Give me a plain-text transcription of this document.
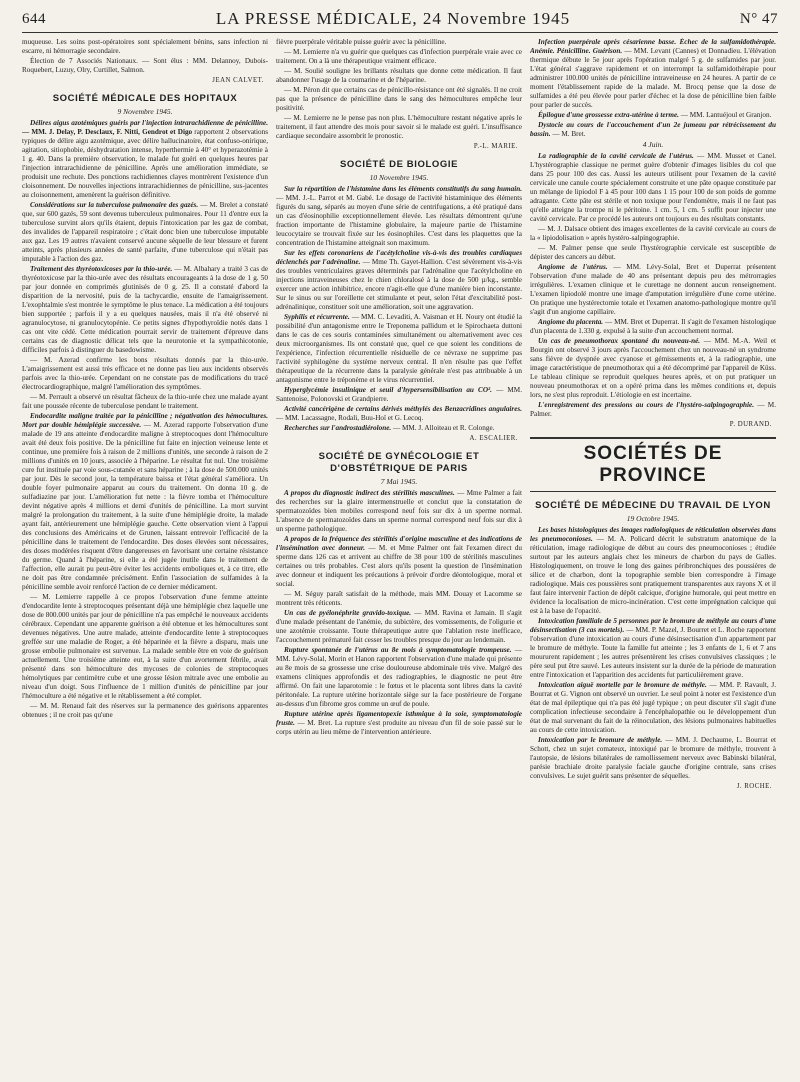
644	LA PRESSE MÉDICALE, 24 Novembre 1945	N° 47

muqueuse. Les soins post-opératoires sont spécialement bénins, sans infection ni escarre, ni hémorragie secondaire.

Élection de 7 Associés Nationaux. — Sont élus : MM. Delannoy, Dubois-Roquebert, Luzuy, Olry, Curtillet, Salmon.

JEAN CALVET.
SOCIÉTÉ MÉDICALE DES HOPITAUX
9 Novembre 1945.

Délires aigus azotémiques guéris par l'injection intrarachidienne de pénicilline. — MM. J. Delay, P. Desclaux, F. Nitti, Gendrot et Digo rapportent 2 observations typiques de délire aigu azotémique, avec délire hallucinatoire, état confuso-onirique, agitation, sitiophobie, déshydratation intense, hyperthermie à 40° et hyperazotémie à 1 g. 40. Dans la première observation, le malade fut guéri en quelques heures par l'injection intrarachidienne de pénicilline. Après une amélioration immédiate, se produisit une rechute. Des ponctions rachidiennes clayes montrèrent l'existence d'un cloisonnement. De nouvelles injections intrarachidiennes de pénicilline, sus-jacentes au cloisonnement, amenèrent la guérison définitive.

Considérations sur la tuberculose pulmonaire des gazés. — M. Brelet a constaté que, sur 600 gazés, 59 sont devenus tuberculeux pulmonaires. Pour 11 d'entre eux la tuberculose survint alors qu'ils étaient, depuis l'intoxication par les gaz de combat, des invalides de l'appareil respiratoire ; c'était donc bien une tuberculose imputable aux gaz. Les 19 autres n'avaient conservé aucune séquelle de leur blessure et furent atteints, après plusieurs années de santé parfaite, d'une tuberculose qui n'était pas imputable à l'action des gaz.

Traitement des thyréotoxicoses par la thio-urée. — M. Albahary a traité 3 cas de thyréotoxicose par la thio-urée avec des résultats encourageants à la dose de 1 g. 50 par jour donnée en comprimés glutinisés de 0 g. 25. Il a constaté d'abord la disparition de la nervosité, puis de la tachycardie, ensuite de l'amaigrissement. L'exophtalmie s'est montrée le symptôme le plus tenace. La médication a été toujours bien supportée ; parfois il y a eu quelques nausées, mais il n'a été observé ni agranulocytose, ni granulocytopénie. Ce petits signes d'hypothyroïdie notés dans 1 cas ont vite cédé. Cette médication pourrait servir de traitement d'épreuve dans certains cas de diagnostic délicat tels que la neurotonie et la sympathicotonie, difficiles parfois à distinguer du basedowisme.

— M. Azerad confirme les bons résultats donnés par la thio-urée. L'amaigrissement est aussi très efficace et ne donne pas lieu aux incidents observés parfois avec la thio-urée. Cependant on ne constate pas de modifications du tracé électrocardiographique, malgré l'amélioration des symptômes.

— M. Perrault a observé un résultat fâcheux de la thio-urée chez une malade ayant fait une poussée récente de tuberculose pendant le traitement.

Endocardite maligne traitée par la pénicilline ; négativation des hémocultures. Mort par double hémiplégie successive. — M. Azerad rapporte l'observation d'une malade de 19 ans atteinte d'endocardite maligne à streptocoques dont l'hémoculture avait été deux fois positive. De la pénicilline fut faite en injection veineuse lente et continue, une première fois à raison de 2 millions d'unités, une seconde à raison de 2 millions d'unités en 10 jours, associée à l'héparine. Le résultat fut nul. Une troisième cure fut instituée par voie sous-cutanée et sans héparine ; à la dose de 500.000 unités par jour. Dès le second jour, la température baissa et l'état général s'améliora. Un double foyer pulmonaire apparut au cours du traitement. On donna 10 g. de sulfadiazine par jour. L'amélioration fut nette : la fièvre tomba et l'hémoculture devint négative après 4 millions et demi d'unités de pénicilline. La mort survint malgré la prolongation du traitement, à la suite d'une hémiplégie droite, la malade ayant fait, antérieurement une hémiplégie gauche. Cette observation vient à l'appui des conclusions des Américains et de Grunen, laissant entrevoir l'efficacité de la pénicilline dans le traitement de l'endocardite. Des doses élevées sont nécessaires, des doses modérées risquent d'être dangereuses en favorisant une certaine résistance du germe. Quand à l'héparine, si elle a été jugée inutile dans le traitement de l'affection, elle aurait pu peut-être éviter les accidents emboliques et, à ce titre, elle ne doit pas être condamnée précisément. Enfin l'association de sulfamides à la pénicilline semble avoir renforcé l'action de ce dernier médicament.

— M. Lemierre rappelle à ce propos l'observation d'une femme atteinte d'endocardite lente à streptocoques présentant déjà une hémiplégie chez laquelle une dose de 800.000 unités par jour de pénicilline n'a pas empêché le nouveaux accidents cérébraux. Cependant une apparente guérison a été obtenue et les hémocultures sont devenues négatives. Une autre malade, atteinte d'endocardite lente à streptocoques greffée sur une maladie de Roger, a été héparinée et la fièvre a disparu, mais une grosse embolie pulmonaire est survenue. La malade semble être en voie de guérison actuellement. Une troisième atteinte eut, à la suite d'un avortement fébrile, avait présenté dans son hémoculture des mycoses de colonies de streptocoques hémolytiques par centimètre cube et une grosse lésion mitrale avec une embolie au niveau d'un doigt. Sous l'influence de 1 million d'unités de pénicilline par jour l'hémoculture a été négative et le rétablissement a été complet.

— M. M. Renaud fait des réserves sur la permanence des guérisons apparentes obtenues ; il ne croit pas qu'une

fièvre puerpérale véritable puisse guérir avec la pénicilline.

— M. Lemierre n'a vu guérir que quelques cas d'infection puerpérale vraie avec ce traitement. On a là une thérapeutique vraiment efficace.

— M. Soulié souligne les brillants résultats que donne cette médication. Il faut abandonner l'usage de la coumarine et de l'héparine.

— M. Péron dit que certains cas de pénicillo-résistance ont été signalés. Il ne croit pas que la présence de pénicilline dans le sang des hémocultures empêche leur positivité.

— M. Lemierre ne le pense pas non plus. L'hémoculture restant négative après le traitement, il faut attendre des mois pour savoir si le malade est guéri. L'insuffisance cardiaque secondaire assombrit le pronostic.

P.-L. MARIE.
SOCIÉTÉ DE BIOLOGIE
10 Novembre 1945.

Sur la répartition de l'histamine dans les éléments constitutifs du sang humain. — MM. J.-L. Parrot et M. Gabé. Le dosage de l'activité histaminique des éléments figurés du sang, séparés au moyen d'une série de centrifugations, a été pratiqué dans un cas d'éosinophilie exceptionnellement élevée. Les résultats démontrent qu'une fraction importante de l'histamine globulaire, la majeure partie de l'histamine leucocytaire se trouvait fixée sur les éosinophiles. C'est dans les plaquettes que la concentration de l'histamine atteignait son maximum.

Sur les effets coronariens de l'acétylcholine vis-à-vis des troubles cardiaques déclenchés par l'adrénaline. — Mme Th. Gayet-Hallion. C'est sévèrement vis-à-vis des troubles ventriculaires graves déterminés par l'adrénaline que l'acétylcholine en injections intraveineuses chez le chien chloralosé à la dose de 500 µ/kg., semble exercer une action inhibitrice, encore n'agit-elle que d'une manière bien inconstante. Sur le sinus ou sur l'oreillette cet stimulante et peut, selon l'état d'excitabilité post-adrénalinique, constituer soit une amélioration, soit une aggravation.

Syphilis et récurrente. — MM. C. Levaditi, A. Vaisman et H. Noury ont étudié la possibilité d'un antagonisme entre le Treponema pallidum et le Spirochaeta duttoni dans le cas de ces souris contaminées simultanément ou alternativement avec ces deux microorganismes. Ils ont constaté que, quel ce que soient les conditions de l'expérience, l'infection récurrentielle résiduelle de ce névraxe ne supprime pas l'activité syphilogène du système nerveux central. Il n'en résulte pas que l'effet thérapeutique de la récurrente dans la paralysie générale n'est pas attribuable à un antagonisme entre le tréponème et le virus récurrentiel.

Hyperglycémie insulinique et seuil d'hypersensibilisation au CO². — MM. Santenoise, Polonovski et Grandpierre.

Activité cancérigène de certains dérivés méthylés des Benzacridines angulaires. — MM. Lacassagne, Rodali, Buu-Hoï et G. Lecoq.

Recherches sur l'androstadiérolone. — MM. J. Alloiteau et R. Colonge.

A. ESCALIER.
SOCIÉTÉ DE GYNÉCOLOGIE ET D'OBSTÉTRIQUE DE PARIS
7 Mai 1945.

A propos du diagnostic indirect des stérilités masculines. — Mme Palmer a fait des recherches sur la glaire intermenstruelle et conclut que la constatation de spermatozoïdes bien mobiles correspond neuf fois sur dix à un sperme normal. L'absence de spermatozoïdes dans un sperme normal correspond neuf fois sur dix à un sperme pathologique.

A propos de la fréquence des stérilités d'origine masculine et des indications de l'insémination avec donneur. — M. et Mme Palmer ont fait l'examen direct du sperme dans 126 cas et arrivent au chiffre de 38 pour 100 de stérilités masculines certaines ou très probables. C'est alors qu'ils posent la question de l'insémination avec donneur et indiquent les précautions à prévoir d'ordre déontologique, moral et social.

— M. Séguy paraît satisfait de la méthode, mais MM. Douay et Lacomme se montrent très réticents.

Un cas de pyélonéphrite gravido-toxique. — MM. Ravina et Jamain. Il s'agit d'une malade présentant de l'anémie, du subictère, des vomissements, de l'oligurie et une azotémie croissante. Toute thérapeutique autre que l'ablation reste inefficace, l'accouchement prématuré fait cesser les troubles presque du jour au lendemain.

Rupture spontanée de l'utérus au 8e mois à symptomatologie trompeuse. — MM. Lévy-Solal, Morin et Hanon rapportent l'observation d'une malade qui présente au 8e mois de sa grossesse une crise douloureuse abdominale très vive. Malgré des examens cliniques approfondis et des radiographies, le diagnostic ne peut être affirmé. On fait une laparotomie : le fœtus et le placenta sont libres dans la cavité péritonéale. La rupture utérine horizontale siège sur la face postérieure de l'organe au-dessus d'un fibrome gros comme un œuf de poule.

Rupture utérine après ligamentopexie isthmique à la soie, symptomatologie fruste. — M. Bret. La rupture s'est produite au niveau d'un fil de soie passé sur le corps utérin au lieu même de l'intervention antérieure.

Infection puerpérale après césarienne basse. Échec de la sulfamidothérapie. Anémie. Pénicilline. Guérison. — MM. Levant (Cannes) et Donnadieu. L'élévation thermique débute le 5e jour après l'opération malgré 5 g. de sulfamides par jour. L'état général s'aggrave rapidement et on interrompt la sulfamidothérapie pour administrer 100.000 unités de pénicilline intraveineuse en 24 heures. A partir de ce moment l'établissement rapide de la malade. M. Brocq pense que la dose de sulfamides a été peu élevée pour parler d'échec et la dose de pénicilline bien faible pour parler de succès.

Épilogue d'une grossesse extra-utérine à terme. — MM. Lantuéjoul et Granjon.

Dystocie au cours de l'accouchement d'un 2e jumeau par rétrécissement du bassin. — M. Bret.

4 Juin.

La radiographie de la cavité cervicale de l'utérus. — MM. Musset et Canel. L'hystérographie classique ne permet guère d'obtenir d'images lisibles du col que dans 25 pour 100 des cas. Aussi les auteurs utilisent pour l'examen de la cavité cervicale une canule courte spécialement construite et une pâte opaque constituée par un mélange de lipiodol F à 45 pour 100 dans 1 15 pour 100 de son poids de gomme adragante. Cette pâte est stérile et non toxique pour l'endomètre, mais il ne faut pas qu'elle atteigne la trompe ni le péritoine. 1 cm. 5, 1 cm. 5 suffit pour injecter une cavité cervicale. Par ce procédé les auteurs ont toujours eu des résultats constants.

— M. J. Dalsace obtient des images excellentes de la cavité cervicale au cours de la « lipiodolisation » après hystéro-salpingographie.

— M. Palmer pense que seule l'hystérographie cervicale est susceptible de dépister des cancers au début.

Angiome de l'utérus. — MM. Lévy-Solal, Bret et Duperrat présentent l'observation d'une malade de 40 ans présentant depuis peu des métrorragies irrégulières. L'examen clinique et le curettage ne donnent aucun renseignement. L'examen lipiodolé montre une image d'amputation irrégulière d'une corne utérine. On pratique une hystérectomie totale et l'examen anatomo-pathologique montre qu'il s'agit d'un angiome capillaire.

Angiome du placenta. — MM. Bret et Duperrat. Il s'agit de l'examen histologique d'un placenta de 1.330 g. expulsé à la suite d'un accouchement normal.

Un cas de pneumothorax spontané du nouveau-né. — MM. M.-A. Weil et Bourgin ont observé 3 jours après l'accouchement chez un nouveau-né un syndrome sans fièvre de dyspnée avec cyanose et gémissements et, à la radiographie, une image caractéristique de pneumothorax qui a été décomprimé par l'appareil de Küss. Le tableau clinique se reproduit quelques heures après, et on put pratiquer un nouveau pneumothorax et on a opéré prima dans les mêmes conditions et, depuis lors, ne s'est plus reproduit. L'étiologie en est incertaine.

L'enregistrement des pressions au cours de l'hystéro-salpingographie. — M. Palmer.

P. DURAND.
SOCIÉTÉS DE PROVINCE
SOCIÉTÉ DE MÉDECINE DU TRAVAIL DE LYON
19 Octobre 1945.

Les bases histologiques des images radiologiques de réticulation observées dans les pneumoconioses. — M. A. Policard décrit le substratum anatomique de la réticulation, image radiologique de début au cours des pneumoconioses ; étudiée surtout par les auteurs anglais chez les mineurs de charbon du pays de Galles. Histologiquement, on trouve le long des gaines péribronchiques des poussières de silice et de charbon, dont la topographie semble bien correspondre à l'image radiologique. Mais ces poussières sont pratiquement transparentes aux rayons X et il faut faire intervenir l'action de dépôt calcique, d'origine humorale, qui peut mettre en évidence la localisation de micro-incinération. C'est cette imprégnation calcique qui est à la base de l'opacité.

Intoxication familiale de 5 personnes par le bromure de méthyle au cours d'une désinsectisation (3 cas mortels). — MM. P. Mazel, J. Bourret et L. Roche rapportent l'observation d'une intoxication au cours d'une désinsectisation d'un appartement par le bromure de méthyle. Toute la famille fut atteinte ; les 3 enfants de 1, 6 et 7 ans moururent rapidement ; les autres présentèrent les crises convulsives classiques ; le père seul put être sauvé. Les auteurs insistent sur la durée de la période de maturation entre l'intoxication et l'apparition des accidents fut particulièrement grave.

Intoxication aiguë mortelle par le bromure de méthyle. — MM. P. Ravault, J. Bourrat et G. Vignon ont observé un ouvrier. Le seul point à noter est l'existence d'un état de mal épileptique qui n'a pas été jugé typique ; on peut discuter s'il s'agit d'une complication infectieuse secondaire à l'encéphalopathie ou le développement d'un état de mal survenant du fait de la réinoculation, des lésions pulmonaires habituelles au cours de cette intoxication.

Intoxication par le bromure de méthyle. — MM. J. Dechaume, L. Bourrat et Schott, chez un sujet comateux, intoxiqué par le bromure de méthyle, trouvent à l'autopsie, de lésions bilatérales de ramollissement nerveux avec Babinski bilatéral, parésie brachiale droite paralysie faciale gauche d'origine centrale, sans crises convulsives. Le sujet guérit sans présenter de séquelles.

J. ROCHE.
